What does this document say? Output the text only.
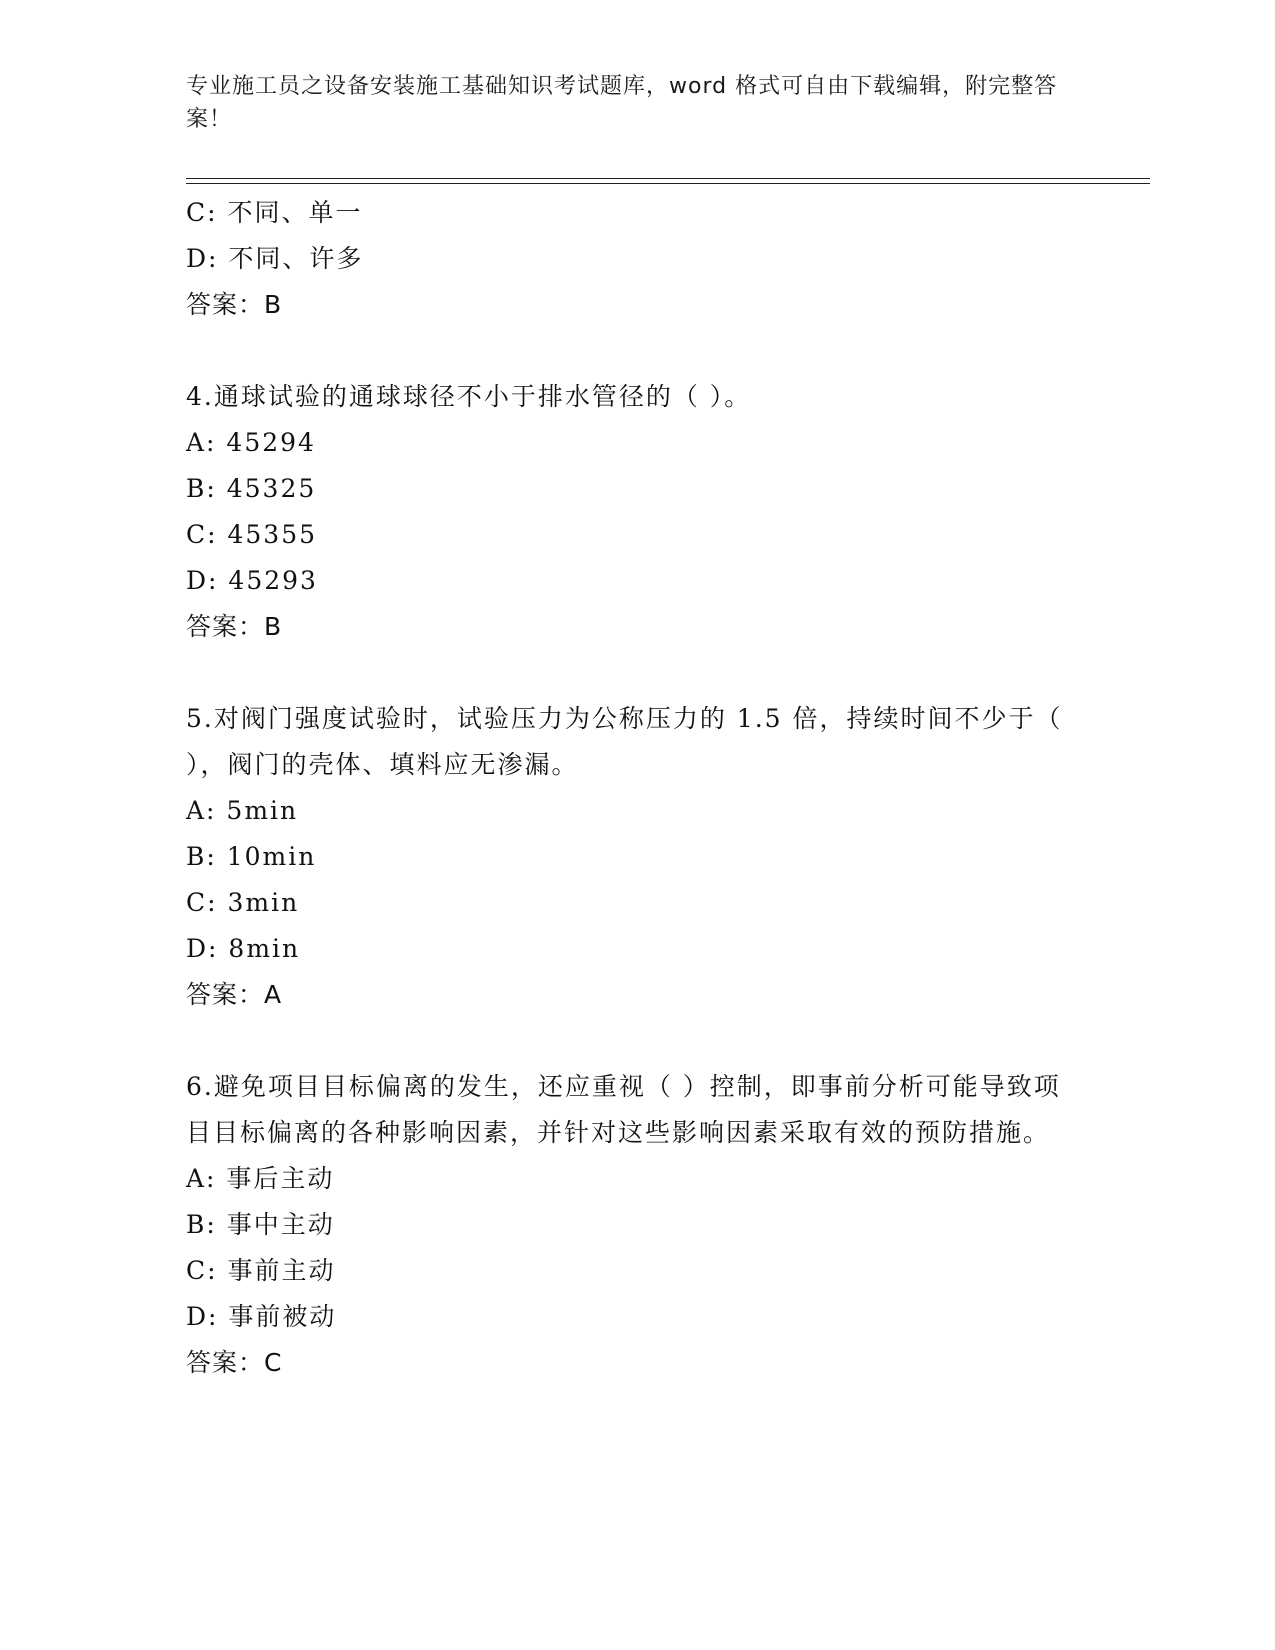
专业施工员之设备安装施工基础知识考试题库，word 格式可自由下载编辑，附完整答案！
C: 不同、单一
D: 不同、许多
答案：B
4.通球试验的通球球径不小于排水管径的（ ）。
A: 45294
B: 45325
C: 45355
D: 45293
答案：B
5.对阀门强度试验时，试验压力为公称压力的 1.5 倍，持续时间不少于（ ），阀门的壳体、填料应无渗漏。
A: 5min
B: 10min
C: 3min
D: 8min
答案：A
6.避免项目目标偏离的发生，还应重视（ ）控制，即事前分析可能导致项目目标偏离的各种影响因素，并针对这些影响因素采取有效的预防措施。
A: 事后主动
B: 事中主动
C: 事前主动
D: 事前被动
答案：C
